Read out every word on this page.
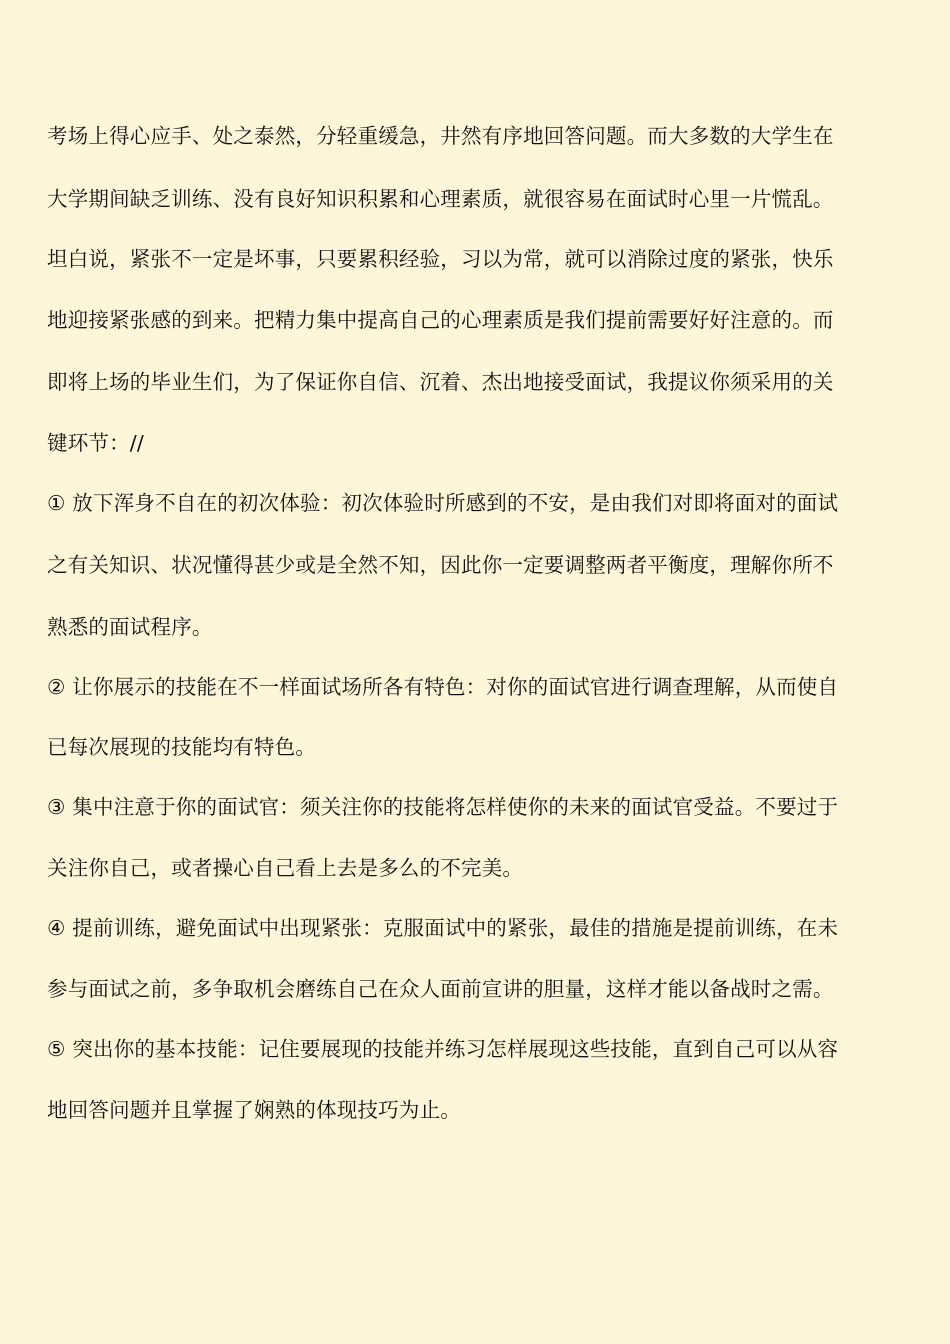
考场上得心应手、处之泰然，分轻重缓急，井然有序地回答问题。而大多数的大学生在
大学期间缺乏训练、没有良好知识积累和心理素质，就很容易在面试时心里一片慌乱。
坦白说，紧张不一定是坏事，只要累积经验，习以为常，就可以消除过度的紧张，快乐
地迎接紧张感的到来。把精力集中提高自己的心理素质是我们提前需要好好注意的。而
即将上场的毕业生们，为了保证你自信、沉着、杰出地接受面试，我提议你须采用的关
键环节：//
① 放下浑身不自在的初次体验：初次体验时所感到的不安，是由我们对即将面对的面试
之有关知识、状况懂得甚少或是全然不知，因此你一定要调整两者平衡度，理解你所不
熟悉的面试程序。
② 让你展示的技能在不一样面试场所各有特色：对你的面试官进行调查理解，从而使自
已每次展现的技能均有特色。
③ 集中注意于你的面试官：须关注你的技能将怎样使你的未来的面试官受益。不要过于
关注你自己，或者操心自己看上去是多么的不完美。
④ 提前训练，避免面试中出现紧张：克服面试中的紧张，最佳的措施是提前训练，在未
参与面试之前，多争取机会磨练自己在众人面前宣讲的胆量，这样才能以备战时之需。
⑤ 突出你的基本技能：记住要展现的技能并练习怎样展现这些技能，直到自己可以从容
地回答问题并且掌握了娴熟的体现技巧为止。
